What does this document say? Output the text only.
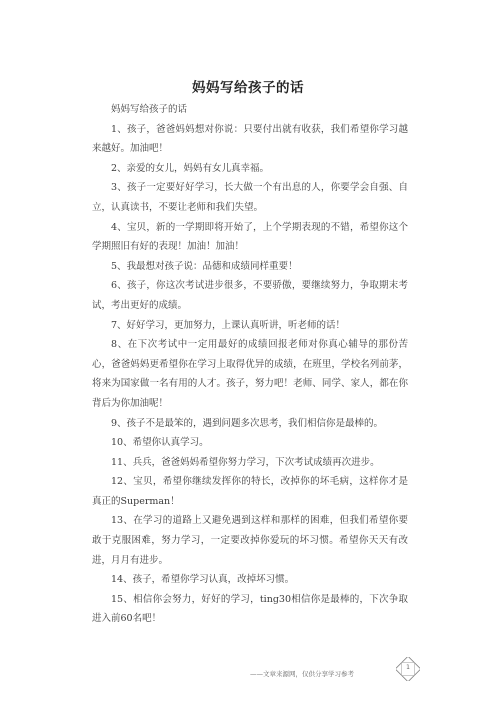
妈妈写给孩子的话

妈妈写给孩子的话

1、孩子，爸爸妈妈想对你说：只要付出就有收获，我们希望你学习越来越好。加油吧！

2、亲爱的女儿，妈妈有女儿真幸福。

3、孩子一定要好好学习，长大做一个有出息的人，你要学会自强、自立，认真读书，不要让老师和我们失望。

4、宝贝，新的一学期即将开始了，上个学期表现的不错，希望你这个学期照旧有好的表现！加油！加油！

5、我最想对孩子说：品德和成绩同样重要！

6、孩子，你这次考试进步很多，不要骄傲，要继续努力，争取期末考试，考出更好的成绩。

7、好好学习，更加努力，上课认真听讲，听老师的话！

8、在下次考试中一定用最好的成绩回报老师对你真心辅导的那份苦心，爸爸妈妈更希望你在学习上取得优异的成绩，在班里，学校名列前茅，将来为国家做一名有用的人才。孩子，努力吧！老师、同学、家人，都在你背后为你加油呢！

9、孩子不是最笨的，遇到问题多次思考，我们相信你是最棒的。

10、希望你认真学习。

11、兵兵，爸爸妈妈希望你努力学习，下次考试成绩再次进步。

12、宝贝，希望你继续发挥你的特长，改掉你的坏毛病，这样你才是真正的Superman！

13、在学习的道路上又避免遇到这样和那样的困难，但我们希望你要敢于克服困难，努力学习，一定要改掉你爱玩的坏习惯。希望你天天有改进，月月有进步。

14、孩子，希望你学习认真，改掉坏习惯。

15、相信你会努力，好好的学习，ting30相信你是最棒的，下次争取进入前60名吧！

——文章来源网，仅供分享学习参考
1
